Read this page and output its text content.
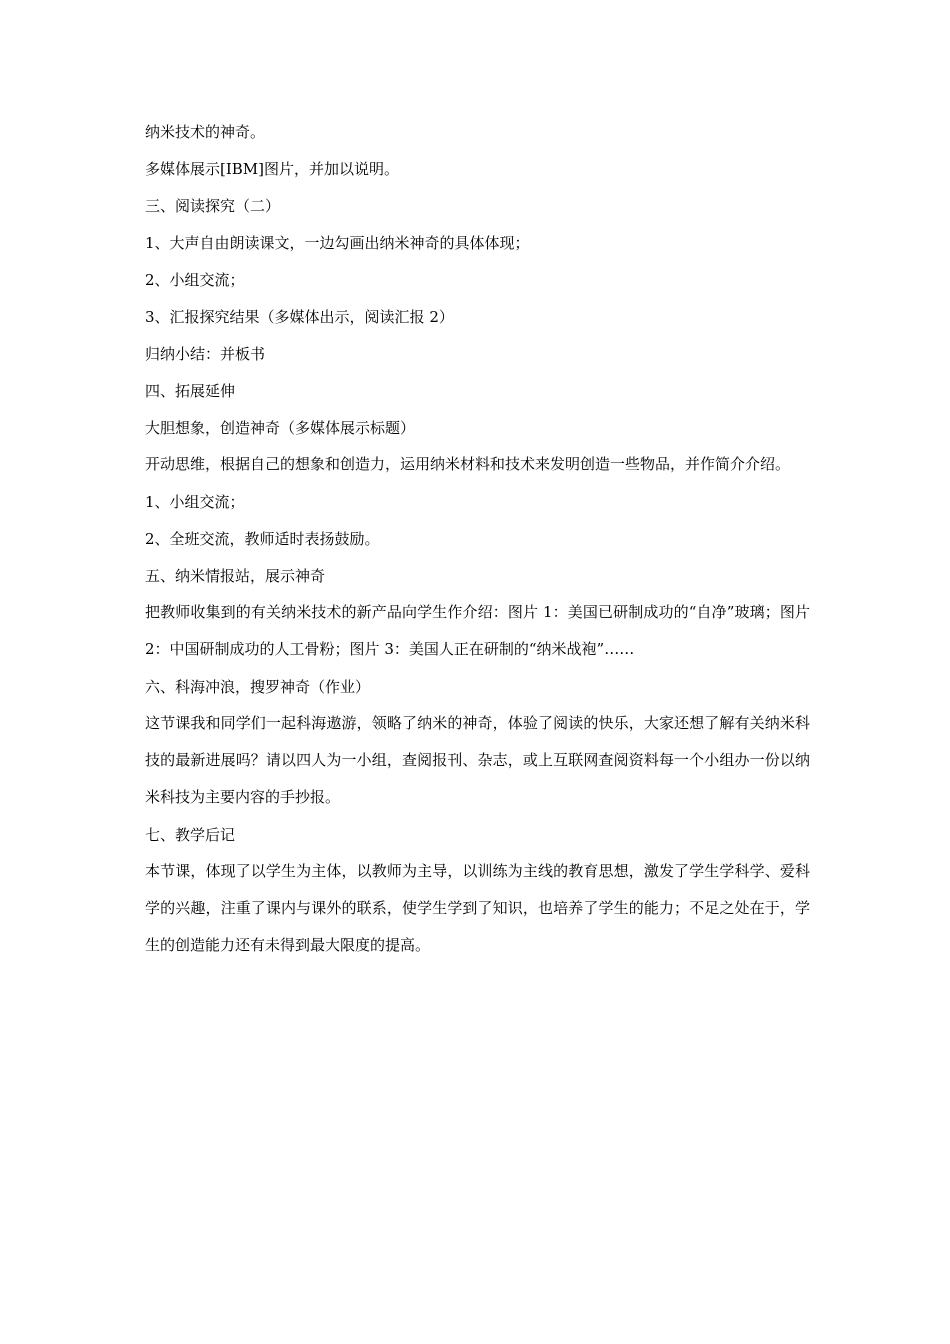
纳米技术的神奇。
多媒体展示[IBM]图片，并加以说明。
三、阅读探究（二）
1、大声自由朗读课文，一边勾画出纳米神奇的具体体现；
2、小组交流；
3、汇报探究结果（多媒体出示，阅读汇报 2）
归纳小结：并板书
四、拓展延伸
大胆想象，创造神奇（多媒体展示标题）
开动思维，根据自己的想象和创造力，运用纳米材料和技术来发明创造一些物品，并作简介介绍。
1、小组交流；
2、全班交流，教师适时表扬鼓励。
五、纳米情报站，展示神奇
把教师收集到的有关纳米技术的新产品向学生作介绍：图片 1：美国已研制成功的“自净”玻璃；图片 2：中国研制成功的人工骨粉；图片 3：美国人正在研制的“纳米战袍”……
六、科海冲浪，搜罗神奇（作业）
这节课我和同学们一起科海遨游，领略了纳米的神奇，体验了阅读的快乐，大家还想了解有关纳米科技的最新进展吗？请以四人为一小组，查阅报刊、杂志，或上互联网查阅资料每一个小组办一份以纳米科技为主要内容的手抄报。
七、教学后记
本节课，体现了以学生为主体，以教师为主导，以训练为主线的教育思想，激发了学生学科学、爱科学的兴趣，注重了课内与课外的联系，使学生学到了知识，也培养了学生的能力；不足之处在于，学生的创造能力还有未得到最大限度的提高。
